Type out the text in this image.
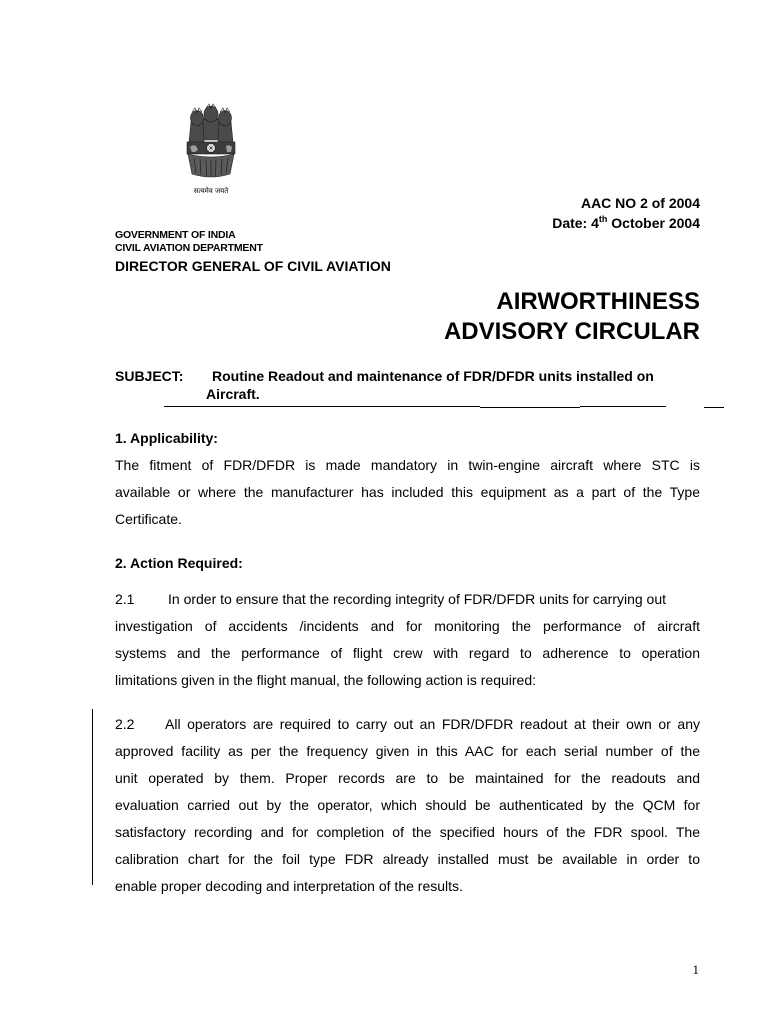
सत्यमेव जयते
AAC NO 2 of 2004
Date: 4th October 2004
GOVERNMENT OF INDIA
CIVIL AVIATION DEPARTMENT
DIRECTOR GENERAL OF CIVIL AVIATION
AIRWORTHINESS
ADVISORY CIRCULAR
SUBJECT: Routine Readout and maintenance of FDR/DFDR units installed on
Aircraft.
1. Applicability:
The fitment of FDR/DFDR is made mandatory in twin-engine aircraft where STC is
available or where the manufacturer has included this equipment as a part of the Type
Certificate.
2. Action Required:
2.1 In order to ensure that the recording integrity of FDR/DFDR units for carrying out
investigation of accidents /incidents and for monitoring the performance of aircraft
systems and the performance of flight crew with regard to adherence to operation
limitations given in the flight manual, the following action is required:
2.2 All operators are required to carry out an FDR/DFDR readout at their own or any
approved facility as per the frequency given in this AAC for each serial number of the
unit operated by them. Proper records are to be maintained for the readouts and
evaluation carried out by the operator, which should be authenticated by the QCM for
satisfactory recording and for completion of the specified hours of the FDR spool. The
calibration chart for the foil type FDR already installed must be available in order to
enable proper decoding and interpretation of the results.
1
